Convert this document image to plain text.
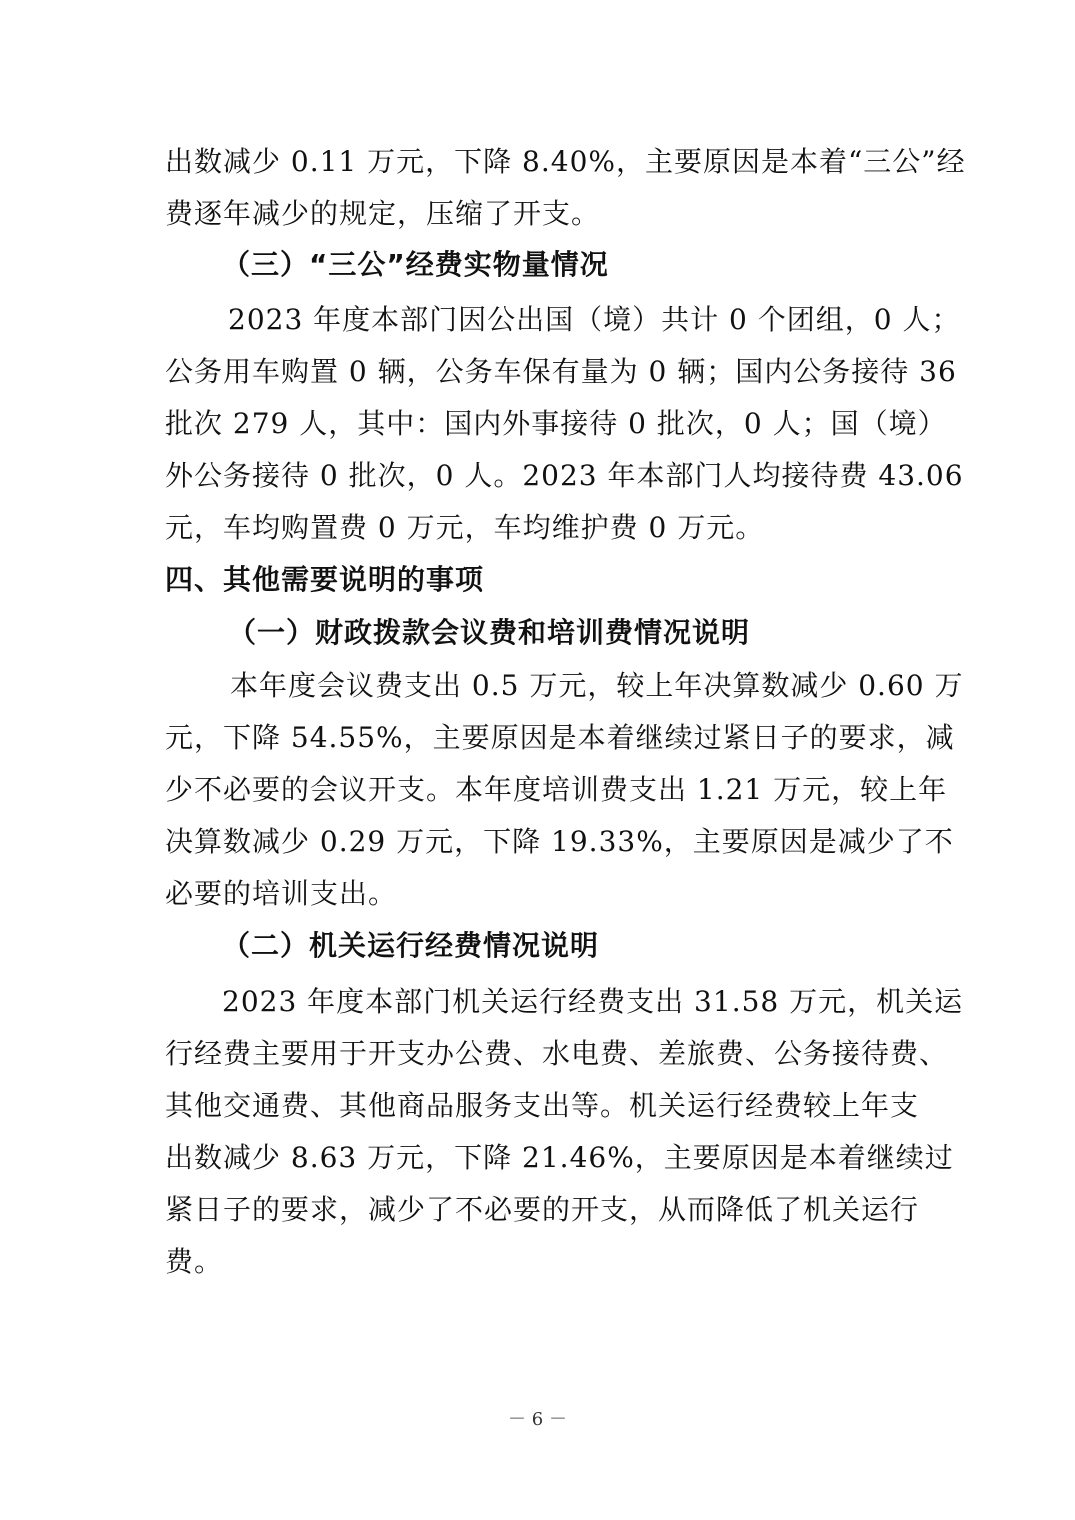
出数减少 0.11 万元，下降 8.40%，主要原因是本着“三公”经
费逐年减少的规定，压缩了开支。
（三）“三公”经费实物量情况
2023 年度本部门因公出国（境）共计 0 个团组，0 人；
公务用车购置 0 辆，公务车保有量为 0 辆；国内公务接待 36
批次 279 人，其中：国内外事接待 0 批次，0 人；国（境）
外公务接待 0 批次，0 人。2023 年本部门人均接待费 43.06
元，车均购置费 0 万元，车均维护费 0 万元。
四、其他需要说明的事项
（一）财政拨款会议费和培训费情况说明
本年度会议费支出 0.5 万元，较上年决算数减少 0.60 万
元，下降 54.55%，主要原因是本着继续过紧日子的要求，减
少不必要的会议开支。本年度培训费支出 1.21 万元，较上年
决算数减少 0.29 万元，下降 19.33%，主要原因是减少了不
必要的培训支出。
（二）机关运行经费情况说明
2023 年度本部门机关运行经费支出 31.58 万元，机关运
行经费主要用于开支办公费、水电费、差旅费、公务接待费、
其他交通费、其他商品服务支出等。机关运行经费较上年支
出数减少 8.63 万元，下降 21.46%，主要原因是本着继续过
紧日子的要求，减少了不必要的开支，从而降低了机关运行
费。
－ 6 －
